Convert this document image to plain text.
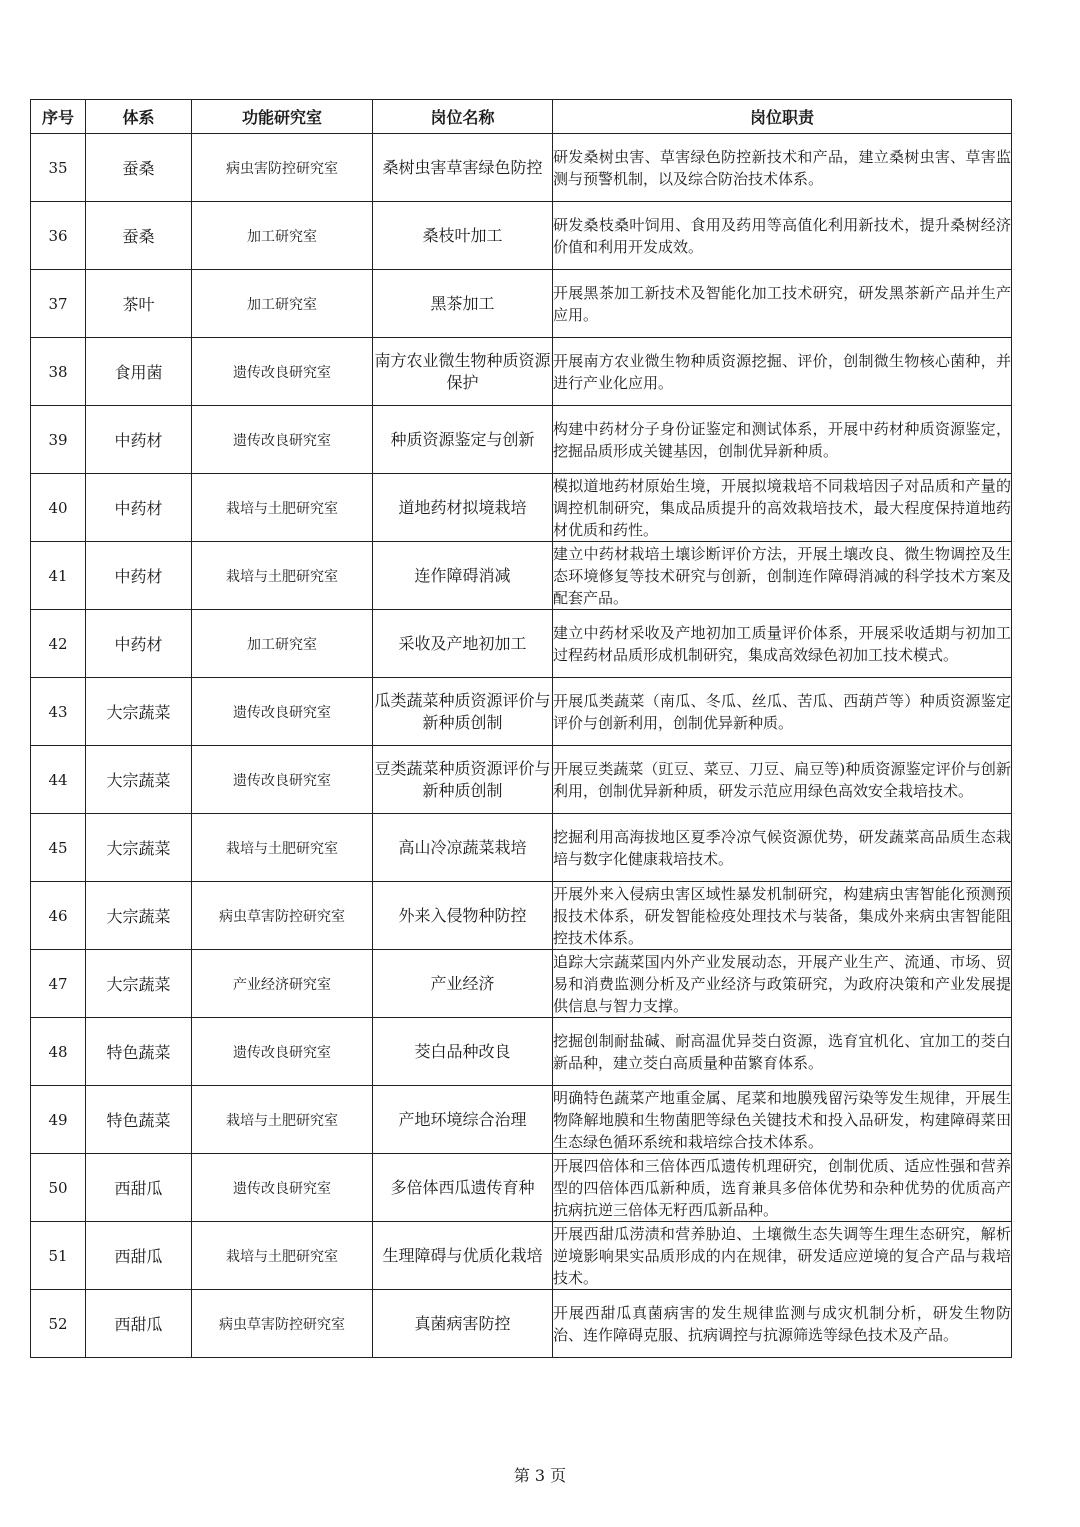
序号	体系	功能研究室	岗位名称	岗位职责
35	蚕桑	病虫害防控研究室	桑树虫害草害绿色防控	研发桑树虫害、草害绿色防控新技术和产品，建立桑树虫害、草害监测与预警机制，以及综合防治技术体系。
36	蚕桑	加工研究室	桑枝叶加工	研发桑枝桑叶饲用、食用及药用等高值化利用新技术，提升桑树经济价值和利用开发成效。
37	茶叶	加工研究室	黑茶加工	开展黑茶加工新技术及智能化加工技术研究，研发黑茶新产品并生产应用。
38	食用菌	遗传改良研究室	南方农业微生物种质资源保护	开展南方农业微生物种质资源挖掘、评价，创制微生物核心菌种，并进行产业化应用。
39	中药材	遗传改良研究室	种质资源鉴定与创新	构建中药材分子身份证鉴定和测试体系，开展中药材种质资源鉴定，挖掘品质形成关键基因，创制优异新种质。
40	中药材	栽培与土肥研究室	道地药材拟境栽培	模拟道地药材原始生境，开展拟境栽培不同栽培因子对品质和产量的调控机制研究，集成品质提升的高效栽培技术，最大程度保持道地药材优质和药性。
41	中药材	栽培与土肥研究室	连作障碍消减	建立中药材栽培土壤诊断评价方法，开展土壤改良、微生物调控及生态环境修复等技术研究与创新，创制连作障碍消减的科学技术方案及配套产品。
42	中药材	加工研究室	采收及产地初加工	建立中药材采收及产地初加工质量评价体系，开展采收适期与初加工过程药材品质形成机制研究，集成高效绿色初加工技术模式。
43	大宗蔬菜	遗传改良研究室	瓜类蔬菜种质资源评价与新种质创制	开展瓜类蔬菜（南瓜、冬瓜、丝瓜、苦瓜、西葫芦等）种质资源鉴定评价与创新利用，创制优异新种质。
44	大宗蔬菜	遗传改良研究室	豆类蔬菜种质资源评价与新种质创制	开展豆类蔬菜（豇豆、菜豆、刀豆、扁豆等)种质资源鉴定评价与创新利用，创制优异新种质，研发示范应用绿色高效安全栽培技术。
45	大宗蔬菜	栽培与土肥研究室	高山冷凉蔬菜栽培	挖掘利用高海拔地区夏季冷凉气候资源优势，研发蔬菜高品质生态栽培与数字化健康栽培技术。
46	大宗蔬菜	病虫草害防控研究室	外来入侵物种防控	开展外来入侵病虫害区域性暴发机制研究，构建病虫害智能化预测预报技术体系，研发智能检疫处理技术与装备，集成外来病虫害智能阻控技术体系。
47	大宗蔬菜	产业经济研究室	产业经济	追踪大宗蔬菜国内外产业发展动态，开展产业生产、流通、市场、贸易和消费监测分析及产业经济与政策研究，为政府决策和产业发展提供信息与智力支撑。
48	特色蔬菜	遗传改良研究室	茭白品种改良	挖掘创制耐盐碱、耐高温优异茭白资源，选育宜机化、宜加工的茭白新品种，建立茭白高质量种苗繁育体系。
49	特色蔬菜	栽培与土肥研究室	产地环境综合治理	明确特色蔬菜产地重金属、尾菜和地膜残留污染等发生规律，开展生物降解地膜和生物菌肥等绿色关键技术和投入品研发，构建障碍菜田生态绿色循环系统和栽培综合技术体系。
50	西甜瓜	遗传改良研究室	多倍体西瓜遗传育种	开展四倍体和三倍体西瓜遗传机理研究，创制优质、适应性强和营养型的四倍体西瓜新种质，选育兼具多倍体优势和杂种优势的优质高产抗病抗逆三倍体无籽西瓜新品种。
51	西甜瓜	栽培与土肥研究室	生理障碍与优质化栽培	开展西甜瓜涝渍和营养胁迫、土壤微生态失调等生理生态研究，解析逆境影响果实品质形成的内在规律，研发适应逆境的复合产品与栽培技术。
52	西甜瓜	病虫草害防控研究室	真菌病害防控	开展西甜瓜真菌病害的发生规律监测与成灾机制分析，研发生物防治、连作障碍克服、抗病调控与抗源筛选等绿色技术及产品。
第 3 页
